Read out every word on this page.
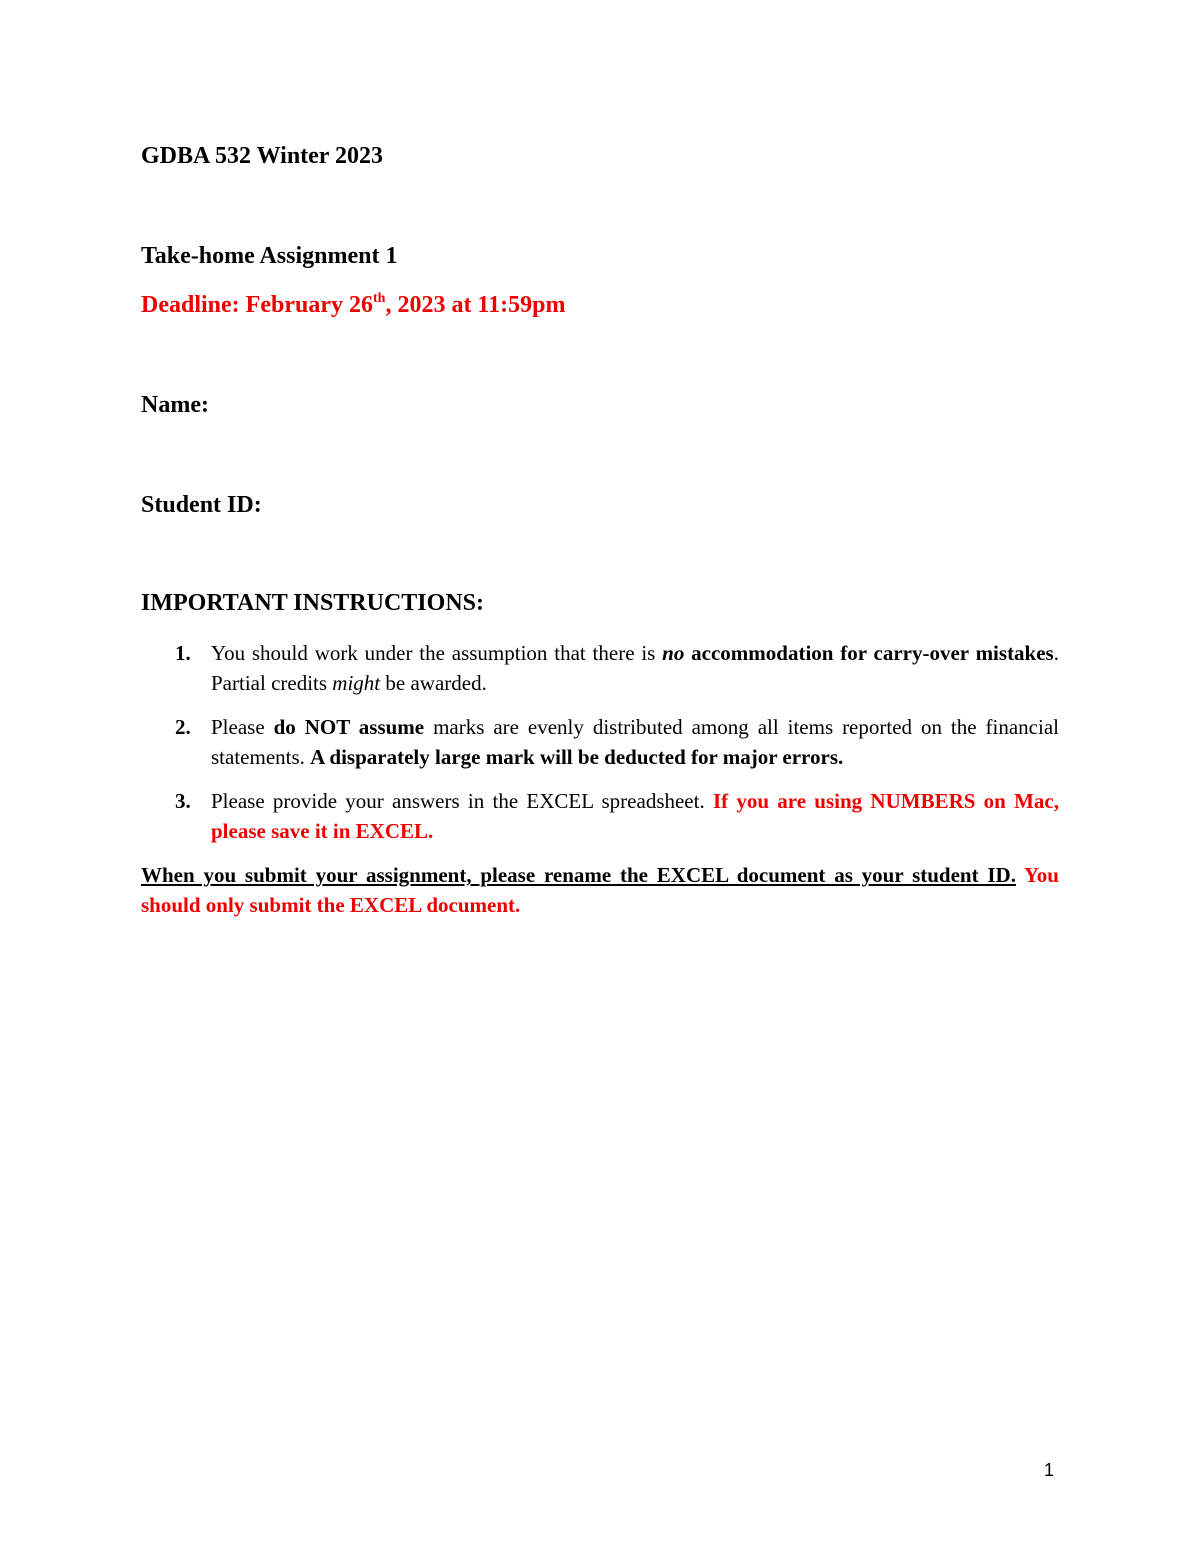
GDBA 532 Winter 2023

Take-home Assignment 1

Deadline: February 26th, 2023 at 11:59pm

Name:

Student ID:

IMPORTANT INSTRUCTIONS:

1. You should work under the assumption that there is no accommodation for carry-over mistakes. Partial credits might be awarded.
2. Please do NOT assume marks are evenly distributed among all items reported on the financial statements. A disparately large mark will be deducted for major errors.
3. Please provide your answers in the EXCEL spreadsheet. If you are using NUMBERS on Mac, please save it in EXCEL.

When you submit your assignment, please rename the EXCEL document as your student ID. You should only submit the EXCEL document.

1
